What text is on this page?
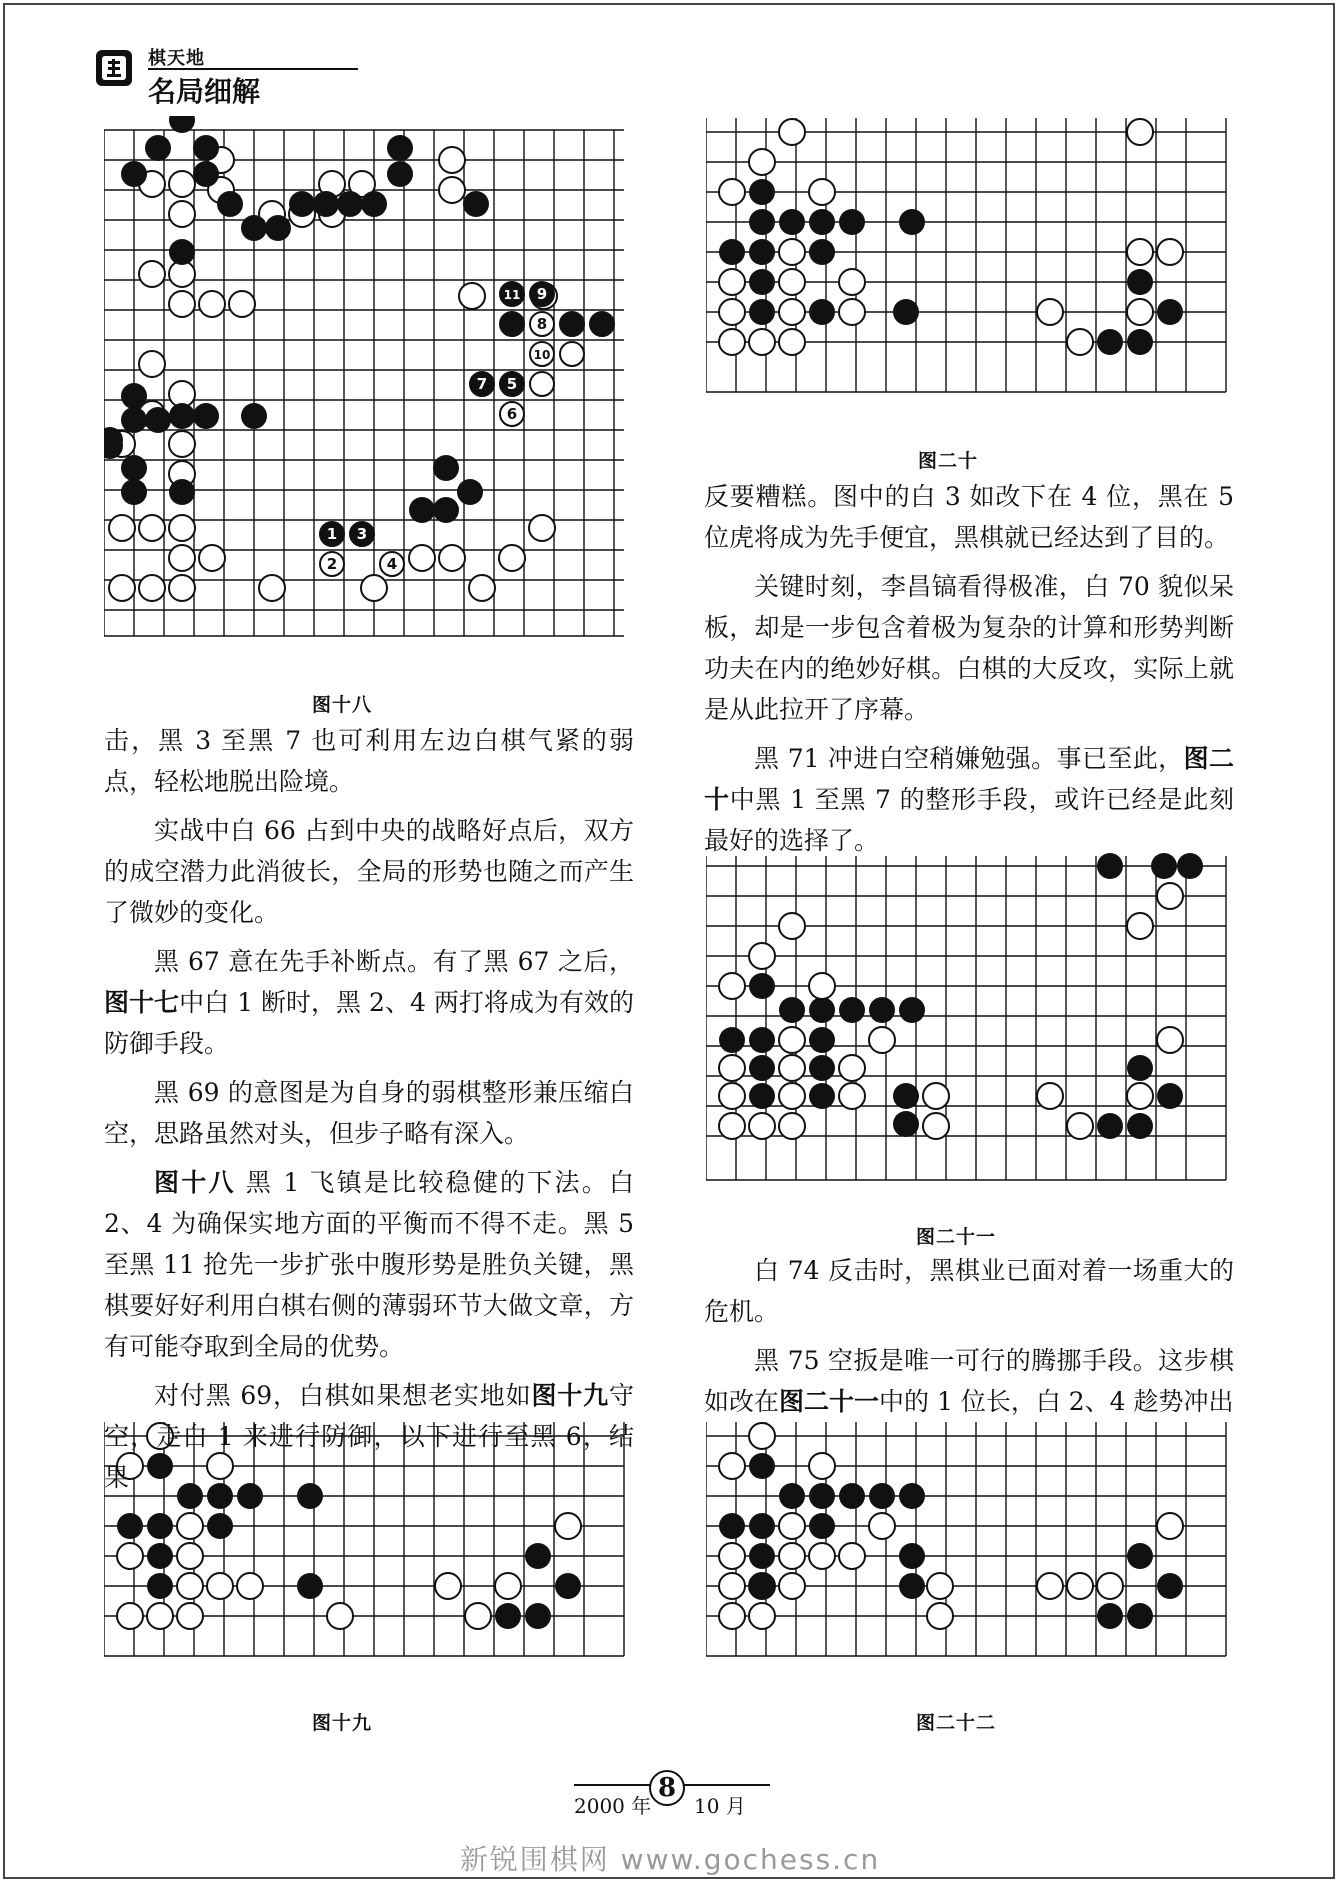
棋天地
名局细解
11 9
8
10
7 5
6
1 3
2	4
图十八
图二十
图二十一
图十九	图二十二

击，黑 3 至黑 7 也可利用左边白棋气紧的弱点，轻松地脱出险境。

实战中白 66 占到中央的战略好点后，双方的成空潜力此消彼长，全局的形势也随之而产生了微妙的变化。

黑 67 意在先手补断点。有了黑 67 之后，图十七中白 1 断时，黑 2、4 两打将成为有效的防御手段。

黑 69 的意图是为自身的弱棋整形兼压缩白空，思路虽然对头，但步子略有深入。

图十八 黑 1 飞镇是比较稳健的下法。白 2、4 为确保实地方面的平衡而不得不走。黑 5 至黑 11 抢先一步扩张中腹形势是胜负关键，黑棋要好好利用白棋右侧的薄弱环节大做文章，方有可能夺取到全局的优势。

对付黑 69，白棋如果想老实地如图十九守空，走白 1 来进行防御，以下进行至黑 6，结果

反要糟糕。图中的白 3 如改下在 4 位，黑在 5 位虎将成为先手便宜，黑棋就已经达到了目的。

关键时刻，李昌镐看得极准，白 70 貌似呆板，却是一步包含着极为复杂的计算和形势判断功夫在内的绝妙好棋。白棋的大反攻，实际上就是从此拉开了序幕。

黑 71 冲进白空稍嫌勉强。事已至此，图二十中黑 1 至黑 7 的整形手段，或许已经是此刻最好的选择了。

白 74 反击时，黑棋业已面对着一场重大的危机。

黑 75 空扳是唯一可行的腾挪手段。这步棋如改在图二十一中的 1 位长，白 2、4 趁势冲出

2000 年
8
10 月
新锐围棋网 www.gochess.cn
